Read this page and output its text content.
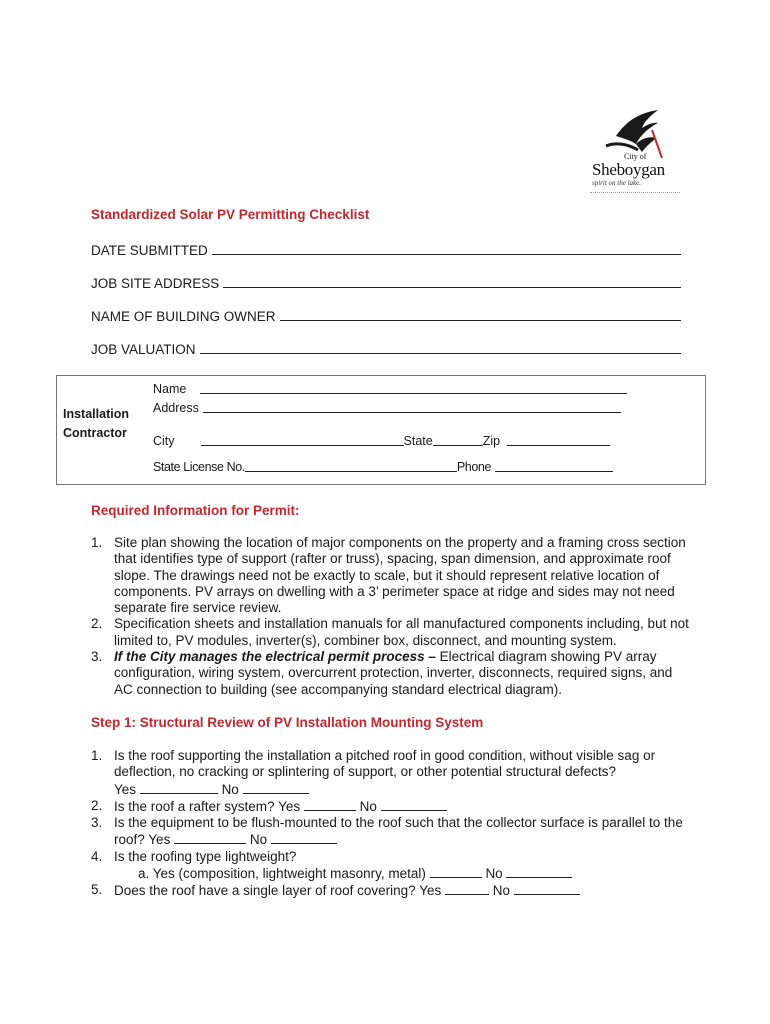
City of
Sheboygan
spirit on the lake.
Standardized Solar PV Permitting Checklist
DATE SUBMITTED
JOB SITE ADDRESS
NAME OF BUILDING OWNER
JOB VALUATION
Installation
Contractor
Name
Address
City	State	Zip
State License No.	Phone
Required Information for Permit:
1. Site plan showing the location of major components on the property and a framing cross section that identifies type of support (rafter or truss), spacing, span dimension, and approximate roof slope. The drawings need not be exactly to scale, but it should represent relative location of components. PV arrays on dwelling with a 3’ perimeter space at ridge and sides may not need separate fire service review.
2. Specification sheets and installation manuals for all manufactured components including, but not limited to, PV modules, inverter(s), combiner box, disconnect, and mounting system.
3. If the City manages the electrical permit process – Electrical diagram showing PV array configuration, wiring system, overcurrent protection, inverter, disconnects, required signs, and AC connection to building (see accompanying standard electrical diagram).
Step 1: Structural Review of PV Installation Mounting System
1. Is the roof supporting the installation a pitched roof in good condition, without visible sag or deflection, no cracking or splintering of support, or other potential structural defects?
Yes	No
2. Is the roof a rafter system? Yes	No
3. Is the equipment to be flush-mounted to the roof such that the collector surface is parallel to the roof? Yes	No
4. Is the roofing type lightweight?
a. Yes (composition, lightweight masonry, metal)	No
5. Does the roof have a single layer of roof covering? Yes	No
